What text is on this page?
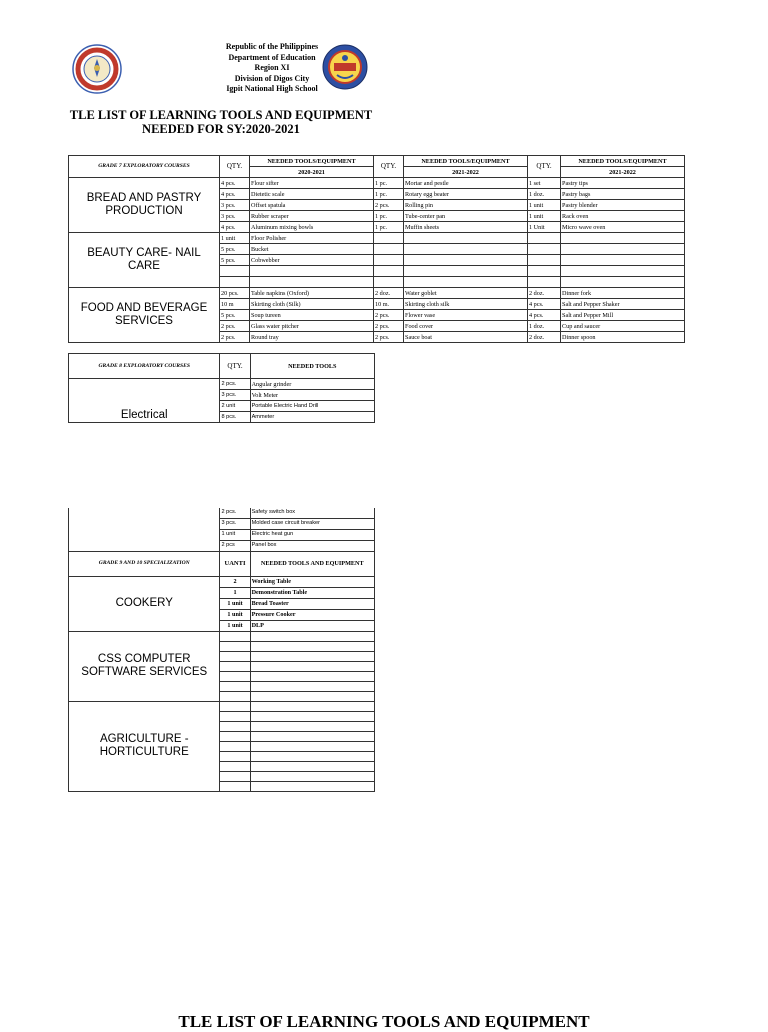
Republic of the Philippines
Department of Education
Region XI
Division of Digos City
Igpit National High School
TLE LIST OF LEARNING TOOLS AND EQUIPMENT
NEEDED FOR SY:2020-2021
GRADE 7 EXPLORATORY COURSES	QTY.	NEEDED TOOLS/EQUIPMENT	QTY.	NEEDED TOOLS/EQUIPMENT	QTY.	NEEDED TOOLS/EQUIPMENT
		2020-2021		2021-2022		2021-2022
BREAD AND PASTRY PRODUCTION	4 pcs.	Flour sifter	1 pc.	Mortar and pestle	1 set	Pastry tips
	4 pcs.	Dietetic scale	1 pc.	Rotary egg beater	1 doz.	Pastry bags
	3 pcs.	Offset spatula	2 pcs.	Rolling pin	1 unit	Pastry blender
	3 pcs.	Rubber scraper	1 pc.	Tube-center pan	1 unit	Rack oven
	4 pcs.	Aluminum mixing bowls	1 pc.	Muffin sheets	1 Unit	Micro wave oven
BEAUTY CARE- NAIL CARE	1 unit	Floor Polisher				
	5 pcs.	Bucket				
	5 pcs.	Cobwebber				

FOOD AND BEVERAGE SERVICES	20 pcs.	Table napkins (Oxford)	2 doz.	Water goblet	2 doz.	Dinner fork
	10 m	Skirting cloth (Silk)	10 m.	Skirting cloth silk	4 pcs.	Salt and Pepper Shaker
	5 pcs.	Soup tureen	2 pcs.	Flower vase	4 pcs.	Salt and Pepper Mill
	2 pcs.	Glass water pitcher	2 pcs.	Food cover	1 doz.	Cup and saucer
	2 pcs.	Round tray	2 pcs.	Sauce boat	2 doz.	Dinner spoon
GRADE 8 EXPLORATORY COURSES	QTY.	NEEDED TOOLS
Electrical	2 pcs.	Angular grinder
	3 pcs.	Volt Meter
	2 unit	Portable Electric Hand Drill
	8 pcs.	Ammeter

	2 pcs.	Safety switch box
	3 pcs.	Molded case circuit breaker
	1 unit	Electric heat gun
	2 pcs	Panel box
GRADE 9 AND 10 SPECIALIZATION	UANTI	NEEDED TOOLS AND EQUIPMENT
COOKERY	2	Working Table
	1	Demonstration Table
	1 unit	Bread Toaster
	1 unit	Pressure Cooker
	1 unit	DLP
CSS COMPUTER SOFTWARE SERVICES		

AGRICULTURE -HORTICULTURE		

TLE LIST OF LEARNING TOOLS AND EQUIPMENT
